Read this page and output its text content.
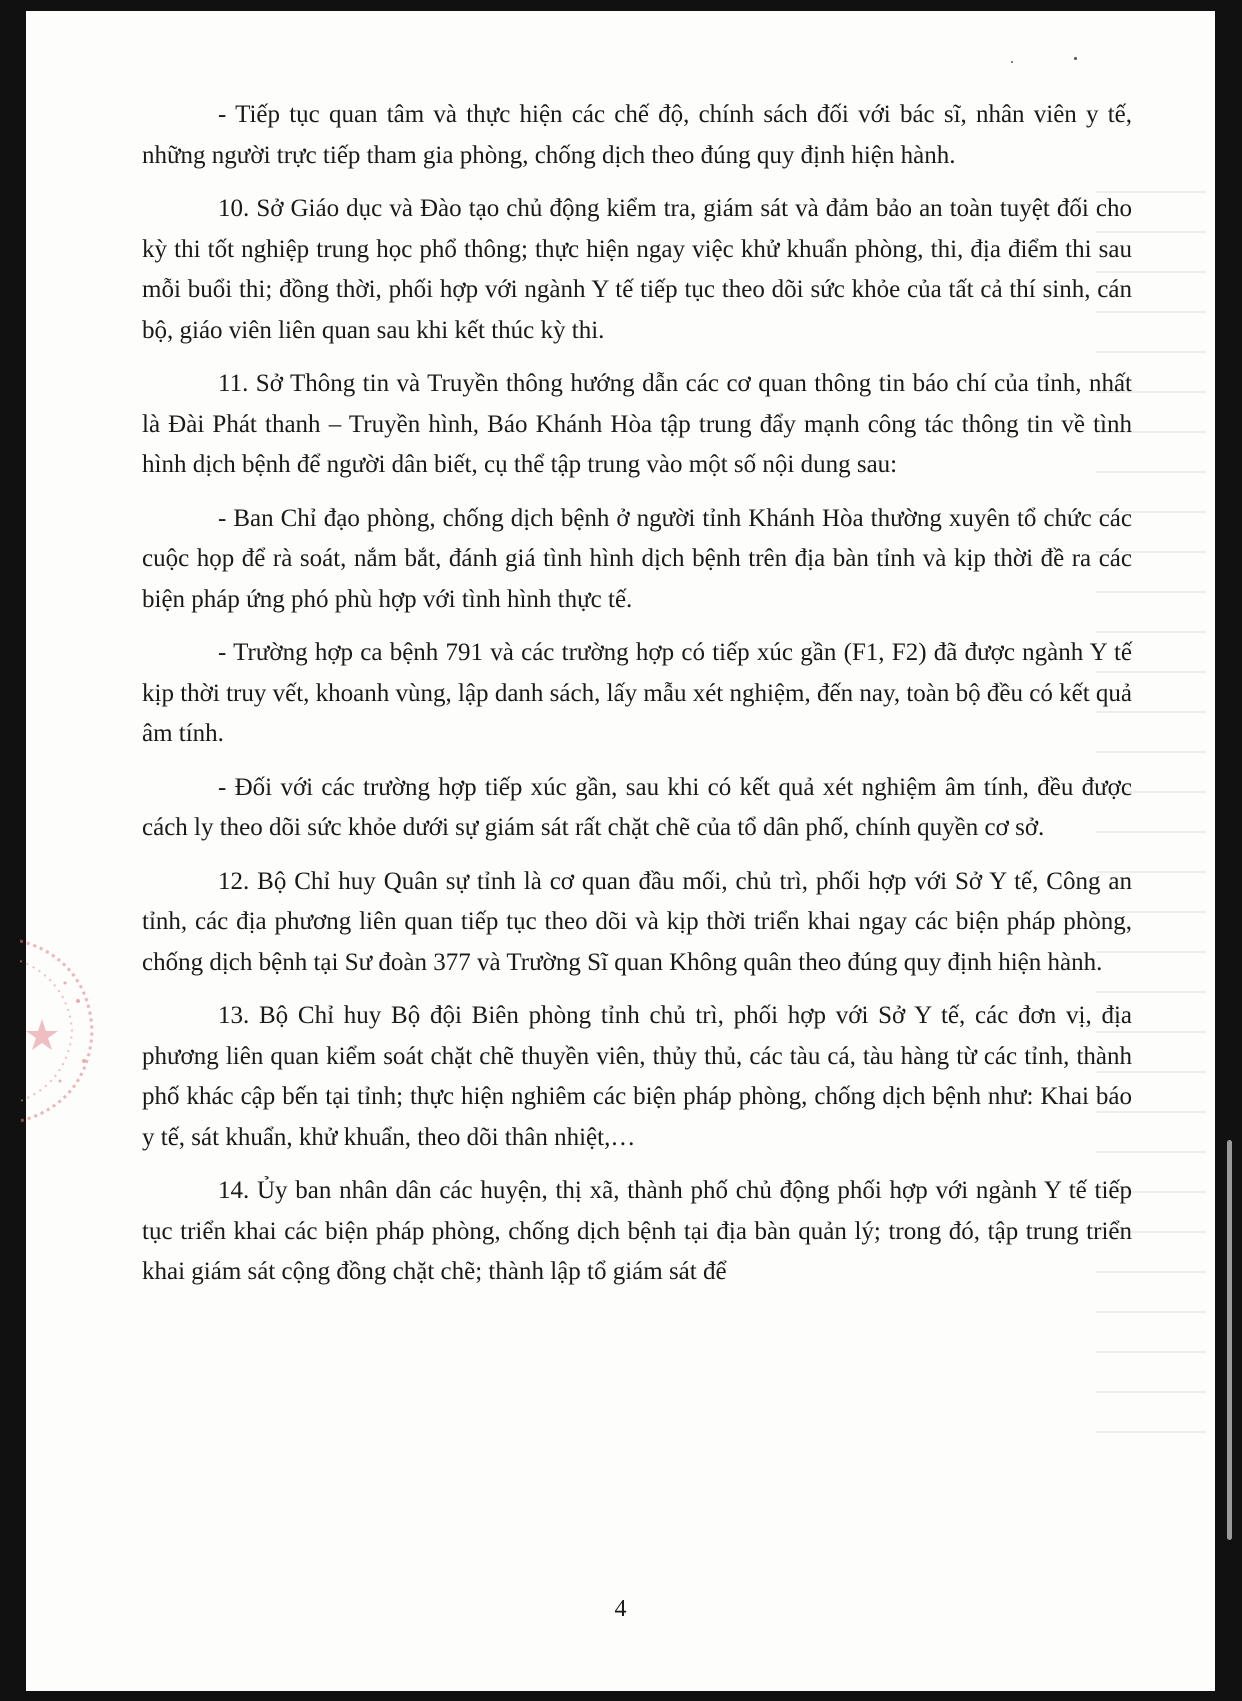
- Tiếp tục quan tâm và thực hiện các chế độ, chính sách đối với bác sĩ, nhân viên y tế, những người trực tiếp tham gia phòng, chống dịch theo đúng quy định hiện hành.

10. Sở Giáo dục và Đào tạo chủ động kiểm tra, giám sát và đảm bảo an toàn tuyệt đối cho kỳ thi tốt nghiệp trung học phổ thông; thực hiện ngay việc khử khuẩn phòng, thi, địa điểm thi sau mỗi buổi thi; đồng thời, phối hợp với ngành Y tế tiếp tục theo dõi sức khỏe của tất cả thí sinh, cán bộ, giáo viên liên quan sau khi kết thúc kỳ thi.

11. Sở Thông tin và Truyền thông hướng dẫn các cơ quan thông tin báo chí của tỉnh, nhất là Đài Phát thanh – Truyền hình, Báo Khánh Hòa tập trung đẩy mạnh công tác thông tin về tình hình dịch bệnh để người dân biết, cụ thể tập trung vào một số nội dung sau:

- Ban Chỉ đạo phòng, chống dịch bệnh ở người tỉnh Khánh Hòa thường xuyên tổ chức các cuộc họp để rà soát, nắm bắt, đánh giá tình hình dịch bệnh trên địa bàn tỉnh và kịp thời đề ra các biện pháp ứng phó phù hợp với tình hình thực tế.

- Trường hợp ca bệnh 791 và các trường hợp có tiếp xúc gần (F1, F2) đã được ngành Y tế kịp thời truy vết, khoanh vùng, lập danh sách, lấy mẫu xét nghiệm, đến nay, toàn bộ đều có kết quả âm tính.

- Đối với các trường hợp tiếp xúc gần, sau khi có kết quả xét nghiệm âm tính, đều được cách ly theo dõi sức khỏe dưới sự giám sát rất chặt chẽ của tổ dân phố, chính quyền cơ sở.

12. Bộ Chỉ huy Quân sự tỉnh là cơ quan đầu mối, chủ trì, phối hợp với Sở Y tế, Công an tỉnh, các địa phương liên quan tiếp tục theo dõi và kịp thời triển khai ngay các biện pháp phòng, chống dịch bệnh tại Sư đoàn 377 và Trường Sĩ quan Không quân theo đúng quy định hiện hành.

13. Bộ Chỉ huy Bộ đội Biên phòng tỉnh chủ trì, phối hợp với Sở Y tế, các đơn vị, địa phương liên quan kiểm soát chặt chẽ thuyền viên, thủy thủ, các tàu cá, tàu hàng từ các tỉnh, thành phố khác cập bến tại tỉnh; thực hiện nghiêm các biện pháp phòng, chống dịch bệnh như: Khai báo y tế, sát khuẩn, khử khuẩn, theo dõi thân nhiệt,…

14. Ủy ban nhân dân các huyện, thị xã, thành phố chủ động phối hợp với ngành Y tế tiếp tục triển khai các biện pháp phòng, chống dịch bệnh tại địa bàn quản lý; trong đó, tập trung triển khai giám sát cộng đồng chặt chẽ; thành lập tổ giám sát để

4
